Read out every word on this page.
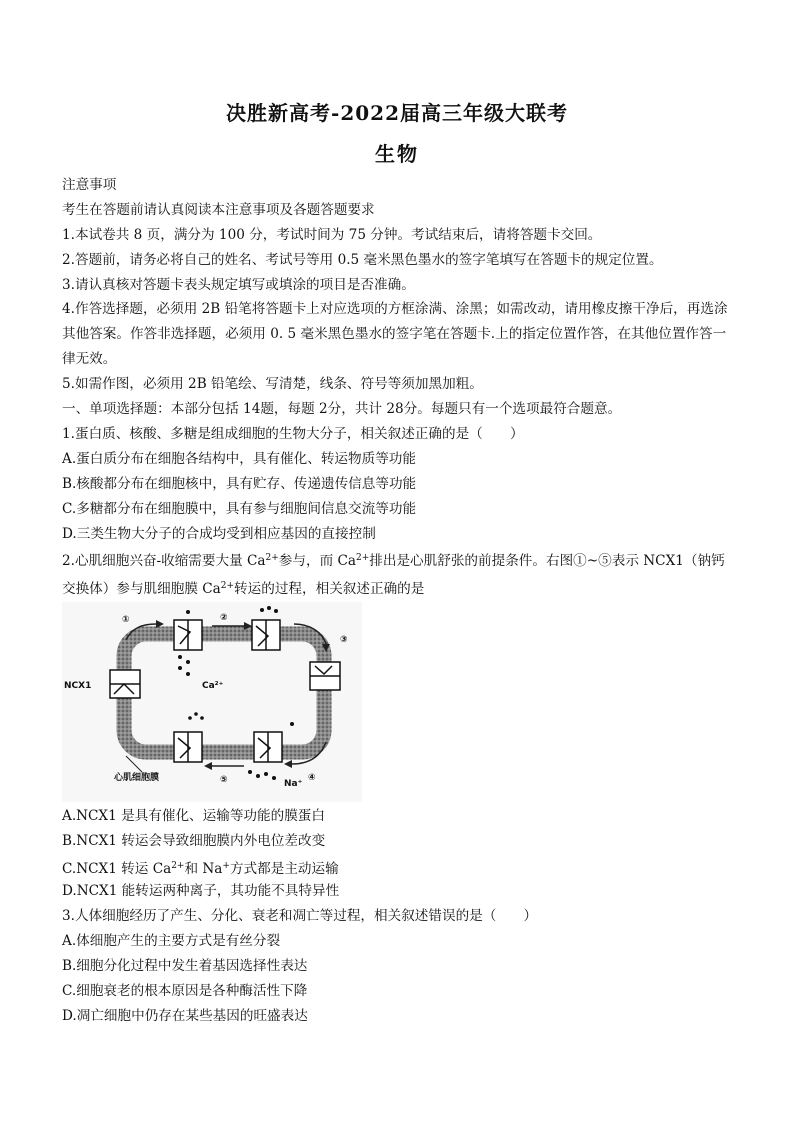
决胜新高考-2022届高三年级大联考
生物
注意事项
考生在答题前请认真阅读本注意事项及各题答题要求
1.本试卷共 8 页，满分为 100 分，考试时间为 75 分钟。考试结束后，请将答题卡交回。
2.答题前，请务必将自己的姓名、考试号等用 0.5 毫米黑色墨水的签字笔填写在答题卡的规定位置。
3.请认真核对答题卡表头规定填写或填涂的项目是否准确。
4.作答选择题，必须用 2B 铅笔将答题卡上对应选项的方框涂满、涂黑；如需改动，请用橡皮擦干净后，再选涂其他答案。作答非选择题，必须用 0. 5 毫米黑色墨水的签字笔在答题卡.上的指定位置作答，在其他位置作答一律无效。
5.如需作图，必须用 2B 铅笔绘、写清楚，线条、符号等须加黑加粗。
一、单项选择题：本部分包括 14题，每题 2分，共计 28分。每题只有一个选项最符合题意。
1.蛋白质、核酸、多糖是组成细胞的生物大分子，相关叙述正确的是（　　）
A.蛋白质分布在细胞各结构中，具有催化、转运物质等功能
B.核酸都分布在细胞核中，具有贮存、传递遗传信息等功能
C.多糖都分布在细胞膜中，具有参与细胞间信息交流等功能
D.三类生物大分子的合成均受到相应基因的直接控制
2.心肌细胞兴奋-收缩需要大量 $Ca^{2+}$参与，而 $Ca^{2+}$排出是心肌舒张的前提条件。右图①~⑤表示 NCX1（钠钙交换体）参与肌细胞膜 $Ca^{2+}$转运的过程，相关叙述正确的是
①	②
③
④
⑤
NCX1	Ca²⁺
Na⁺
心肌细胞膜
A.NCX1 是具有催化、运输等功能的膜蛋白
B.NCX1 转运会导致细胞膜内外电位差改变
C.NCX1 转运 $Ca^{2+}$和 Na+方式都是主动运输
D.NCX1 能转运两种离子，其功能不具特异性
3.人体细胞经历了产生、分化、衰老和凋亡等过程，相关叙述错误的是（　　）
A.体细胞产生的主要方式是有丝分裂
B.细胞分化过程中发生着基因选择性表达
C.细胞衰老的根本原因是各种酶活性下降
D.凋亡细胞中仍存在某些基因的旺盛表达
